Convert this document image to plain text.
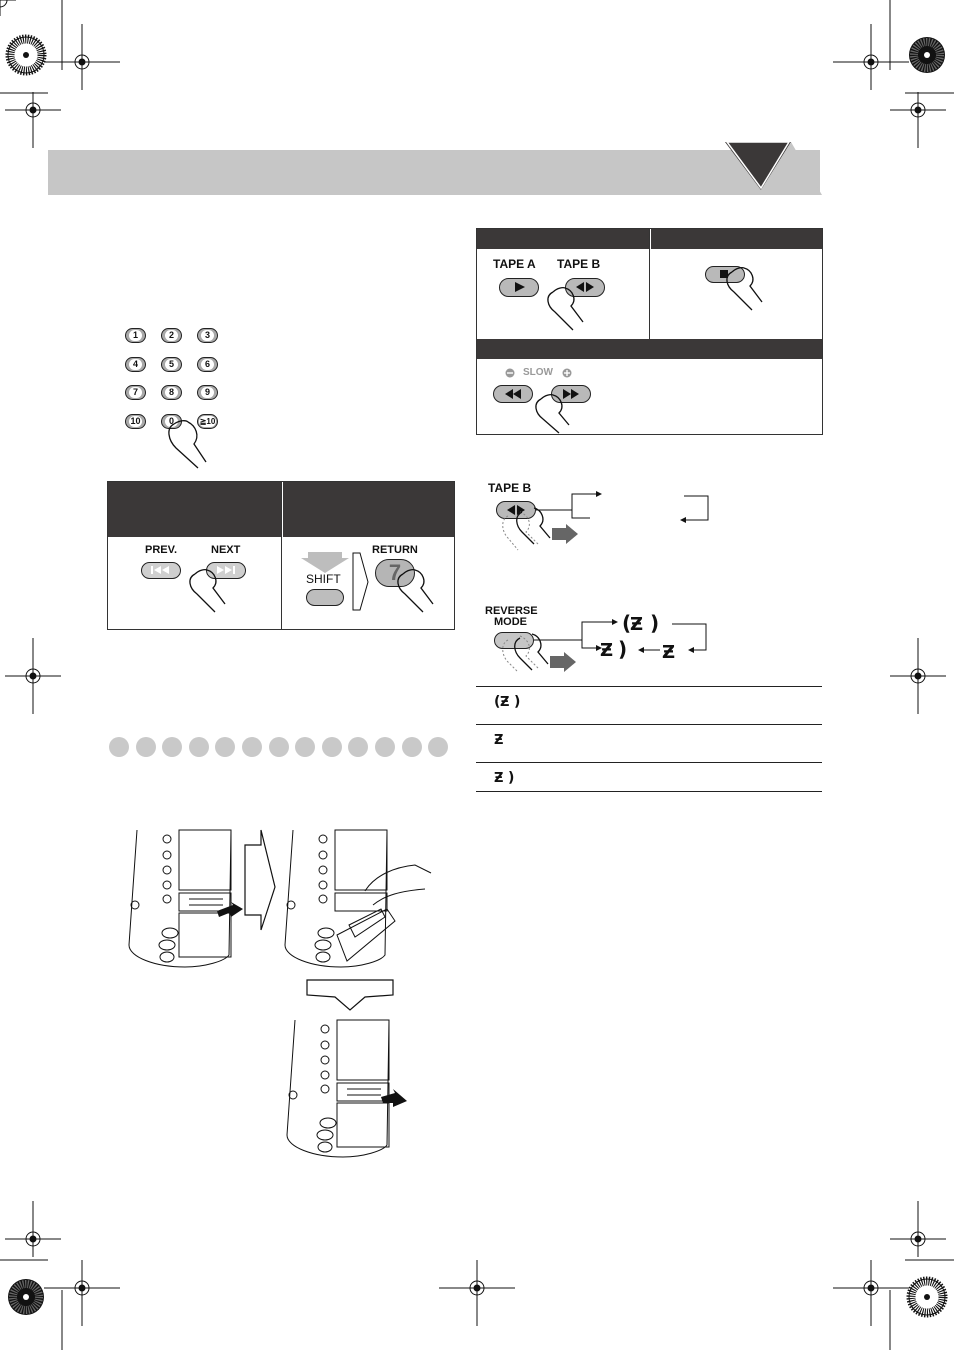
1	2	3
4	5	6
7	8	9
10	0	≧10
PREV.	NEXT
SHIFT
RETURN
7
TAPE A TAPE B
SLOW
TAPE B
REVERSE
MODE	(
Ƶ )
Ƶ ) Ƶ
( Ƶ )
Ƶ
Ƶ )
